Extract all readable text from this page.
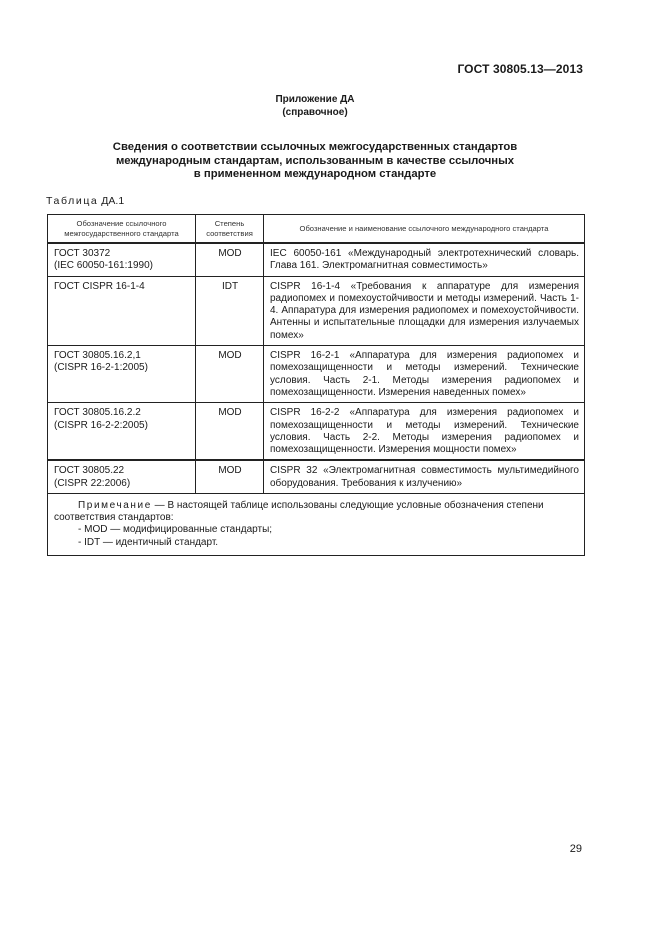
ГОСТ 30805.13—2013
Приложение ДА
(справочное)
Сведения о соответствии ссылочных межгосударственных стандартов
международным стандартам, использованным в качестве ссылочных
в примененном международном стандарте
Таблица ДА.1
Обозначение ссылочного межгосударственного стандарта	Степень соответствия	Обозначение и наименование ссылочного международного стандарта

ГОСТ 30372
(IEC 60050-161:1990)	MOD	IEC 60050-161 «Международный электротехнический словарь. Глава 161. Электромагнитная совместимость»

ГОСТ CISPR 16-1-4	IDT	CISPR 16-1-4 «Требования к аппаратуре для измерения радиопомех и помехоустойчивости и методы измерений. Часть 1-4. Аппаратура для измерения радиопомех и помехоустойчивости. Антенны и испытательные площадки для измерения излучаемых помех»

ГОСТ 30805.16.2,1
(CISPR 16-2-1:2005)	MOD	CISPR 16-2-1 «Аппаратура для измерения радиопомех и помехозащищенности и методы измерений. Технические условия. Часть 2-1. Методы измерения радиопомех и помехозащищенности. Измерения наведенных помех»

ГОСТ 30805.16.2.2
(CISPR 16-2-2:2005)	MOD	CISPR 16-2-2 «Аппаратура для измерения радиопомех и помехозащищенности и методы измерений. Технические условия. Часть 2-2. Методы измерения радиопомех и помехозащищенности. Измерения мощности помех»

ГОСТ 30805.22
(CISPR 22:2006)	MOD	CISPR 32 «Электромагнитная совместимость мультимедийного оборудования. Требования к излучению»

Примечание — В настоящей таблице использованы следующие условные обозначения степени соответствия стандартов:
- MOD — модифицированные стандарты;
- IDT — идентичный стандарт.		
29
